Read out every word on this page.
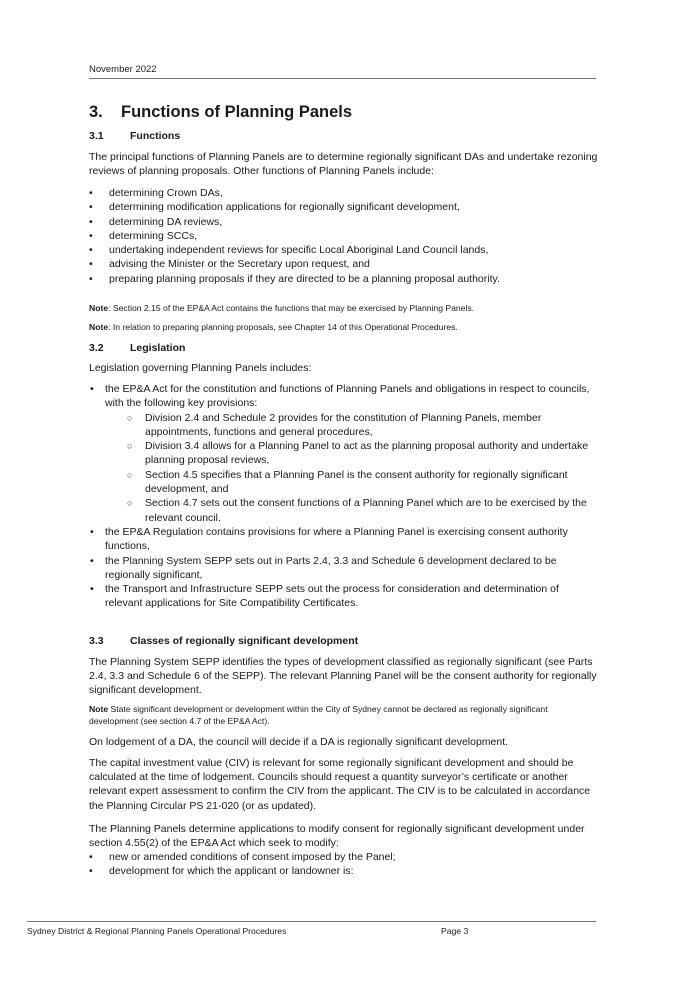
November 2022
3. Functions of Planning Panels
3.1	Functions
The principal functions of Planning Panels are to determine regionally significant DAs and undertake rezoning reviews of planning proposals. Other functions of Planning Panels include:
• determining Crown DAs,
• determining modification applications for regionally significant development,
• determining DA reviews,
• determining SCCs,
• undertaking independent reviews for specific Local Aboriginal Land Council lands,
• advising the Minister or the Secretary upon request, and
• preparing planning proposals if they are directed to be a planning proposal authority.
Note: Section 2.15 of the EP&A Act contains the functions that may be exercised by Planning Panels.
Note: In relation to preparing planning proposals, see Chapter 14 of this Operational Procedures.
3.2	Legislation
Legislation governing Planning Panels includes:
• the EP&A Act for the constitution and functions of Planning Panels and obligations in respect to councils, with the following key provisions:
○ Division 2.4 and Schedule 2 provides for the constitution of Planning Panels, member appointments, functions and general procedures,
○ Division 3.4 allows for a Planning Panel to act as the planning proposal authority and undertake planning proposal reviews,
○ Section 4.5 specifies that a Planning Panel is the consent authority for regionally significant development, and
○ Section 4.7 sets out the consent functions of a Planning Panel which are to be exercised by the relevant council.
• the EP&A Regulation contains provisions for where a Planning Panel is exercising consent authority functions,
• the Planning System SEPP sets out in Parts 2.4, 3.3 and Schedule 6 development declared to be regionally significant,
• the Transport and Infrastructure SEPP sets out the process for consideration and determination of relevant applications for Site Compatibility Certificates.
3.3	Classes of regionally significant development
The Planning System SEPP identifies the types of development classified as regionally significant (see Parts 2.4, 3.3 and Schedule 6 of the SEPP). The relevant Planning Panel will be the consent authority for regionally significant development.
Note State significant development or development within the City of Sydney cannot be declared as regionally significant development (see section 4.7 of the EP&A Act).
On lodgement of a DA, the council will decide if a DA is regionally significant development.
The capital investment value (CIV) is relevant for some regionally significant development and should be calculated at the time of lodgement. Councils should request a quantity surveyor’s certificate or another relevant expert assessment to confirm the CIV from the applicant. The CIV is to be calculated in accordance the Planning Circular PS 21-020 (or as updated).
The Planning Panels determine applications to modify consent for regionally significant development under section 4.55(2) of the EP&A Act which seek to modify:
• new or amended conditions of consent imposed by the Panel;
• development for which the applicant or landowner is:
Sydney District & Regional Planning Panels Operational Procedures	Page 3
